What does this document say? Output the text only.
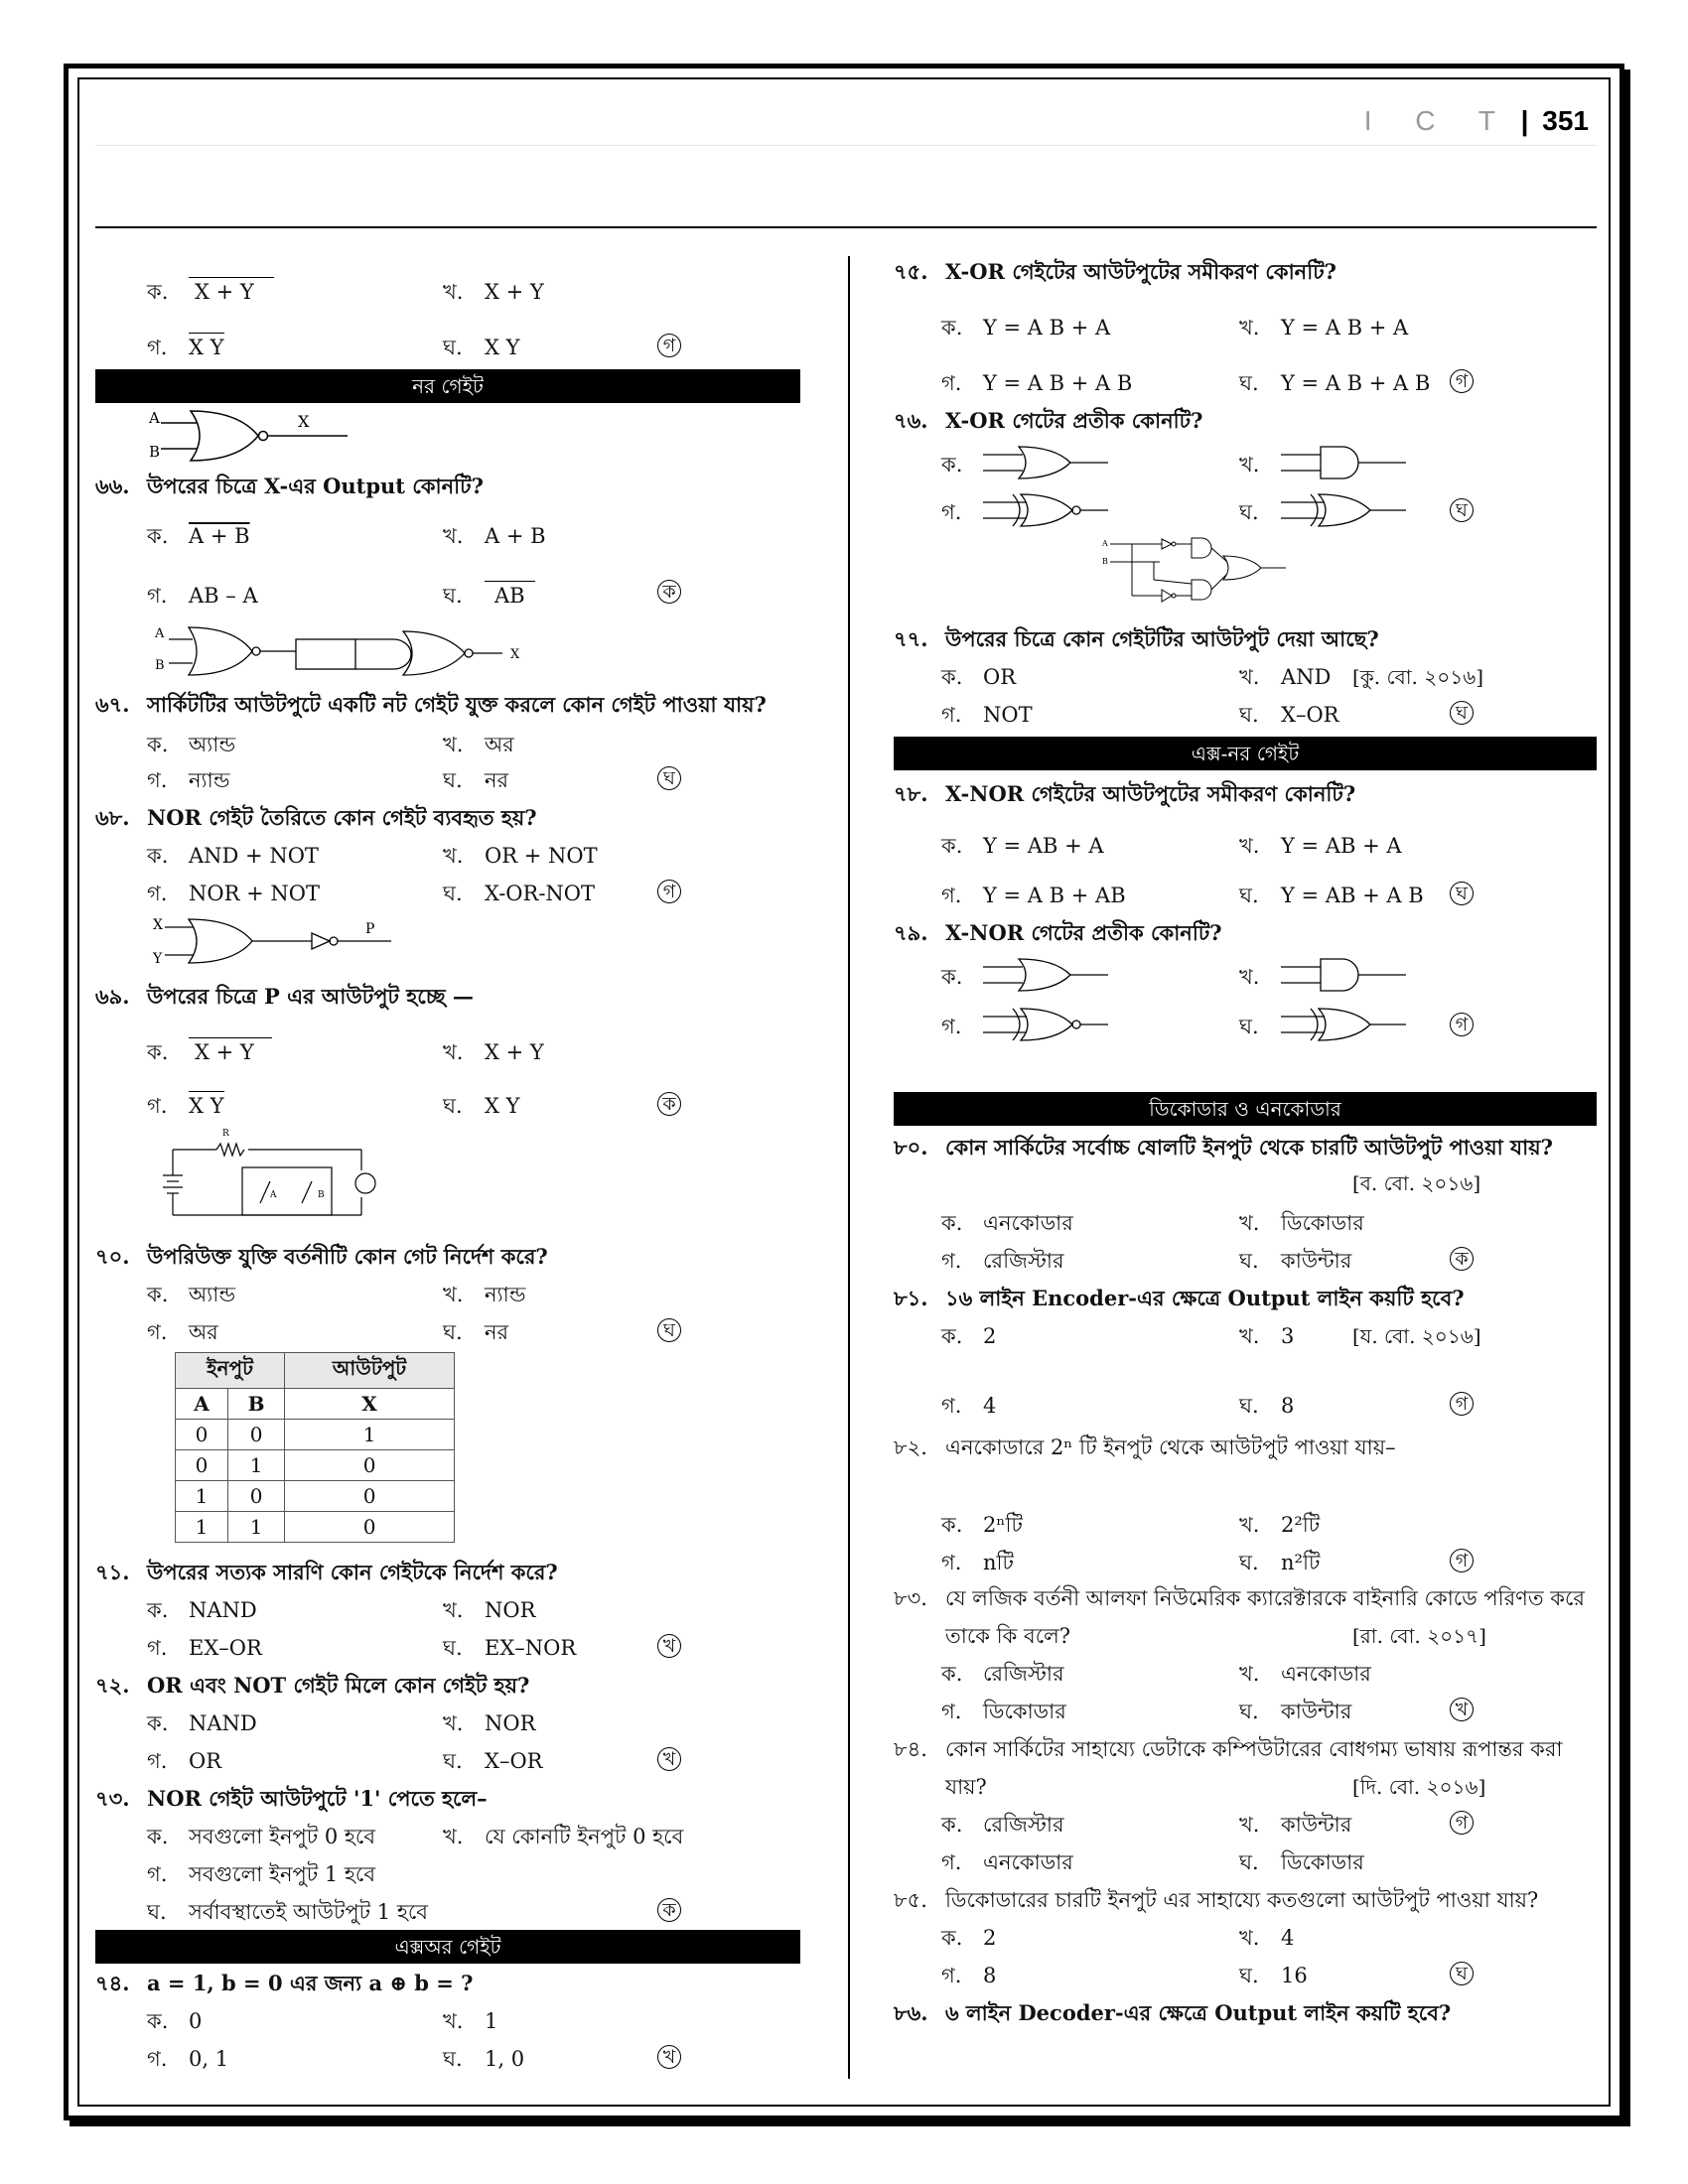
I C T | 351
ক. X + Y	খ. X + Y
গ. X Y	ঘ. X Y	গ
নর গেইট
A
B
X
৬৬. উপরের চিত্রে X-এর Output কোনটি?
ক. A + B	খ. A + B
গ. AB – A	ঘ. AB	ক
A
B
X
৬৭. সার্কিটটির আউটপুটে একটি নট গেইট যুক্ত করলে কোন গেইট পাওয়া যায়?
ক. অ্যান্ড	খ. অর
গ. ন্যান্ড	ঘ. নর	ঘ
৬৮. NOR গেইট তৈরিতে কোন গেইট ব্যবহৃত হয়?
ক. AND + NOT	খ. OR + NOT
গ. NOR + NOT	ঘ. X-OR-NOT	গ
X
Y
P
৬৯. উপরের চিত্রে P এর আউটপুট হচ্ছে —
ক. X + Y	খ. X + Y
গ. X Y	ঘ. X Y	ক
R
A	B
৭০. উপরিউক্ত যুক্তি বর্তনীটি কোন গেট নির্দেশ করে?
ক. অ্যান্ড	খ. ন্যান্ড
গ. অর	ঘ. নর	ঘ
ইনপুট		আউটপুট
A	B	X
0	0	1
0	1	0
1	0	0
1	1	0
৭১. উপরের সত্যক সারণি কোন গেইটকে নির্দেশ করে?
ক. NAND	খ. NOR
গ. EX–OR	ঘ. EX–NOR	খ
৭২. OR এবং NOT গেইট মিলে কোন গেইট হয়?
ক. NAND	খ. NOR
গ. OR	ঘ. X–OR	খ
৭৩. NOR গেইট আউটপুটে '1' পেতে হলে–
ক. সবগুলো ইনপুট 0 হবে	খ. যে কোনটি ইনপুট 0 হবে
গ. সবগুলো ইনপুট 1 হবে
ঘ. সর্বাবস্থাতেই আউটপুট 1 হবে	ক
এক্সঅর গেইট
৭৪. a = 1, b = 0 এর জন্য a ⊕ b = ?
ক. 0	খ. 1
গ. 0, 1	ঘ. 1, 0	খ
৭৫. X-OR গেইটের আউটপুটের সমীকরণ কোনটি?
ক. Y = A B + A	খ. Y = A B + A
গ. Y = A B + A B	ঘ. Y = A B + A B	গ
৭৬. X-OR গেটের প্রতীক কোনটি?
ক.	খ.
গ.	ঘ.	ঘ
A
B
৭৭. উপরের চিত্রে কোন গেইটটির আউটপুট দেয়া আছে?
ক. OR	খ. AND [কু. বো. ২০১৬]
গ. NOT	ঘ. X–OR	ঘ
এক্স-নর গেইট
৭৮. X-NOR গেইটের আউটপুটের সমীকরণ কোনটি?
ক. Y = AB + A	খ. Y = AB + A
গ. Y = A B + AB	ঘ. Y = AB + A B	ঘ
৭৯. X-NOR গেটের প্রতীক কোনটি?
ক.	খ.
গ.	ঘ.	গ
ডিকোডার ও এনকোডার
৮০. কোন সার্কিটের সর্বোচ্চ ষোলটি ইনপুট থেকে চারটি আউটপুট পাওয়া যায়?
[ব. বো. ২০১৬]
ক. এনকোডার	খ. ডিকোডার
গ. রেজিস্টার	ঘ. কাউন্টার	ক
৮১. ১৬ লাইন Encoder-এর ক্ষেত্রে Output লাইন কয়টি হবে?
ক. 2	খ. 3	[য. বো. ২০১৬]
গ. 4	ঘ. 8	গ
৮২. এনকোডারে 2ⁿ টি ইনপুট থেকে আউটপুট পাওয়া যায়–
ক. 2ⁿটি	খ. 2²টি
গ. nটি	ঘ. n²টি	গ
৮৩. যে লজিক বর্তনী আলফা নিউমেরিক ক্যারেক্টারকে বাইনারি কোডে পরিণত করে
তাকে কি বলে?	[রা. বো. ২০১৭]
ক. রেজিস্টার	খ. এনকোডার
গ. ডিকোডার	ঘ. কাউন্টার	খ
৮৪. কোন সার্কিটের সাহায্যে ডেটাকে কম্পিউটারের বোধগম্য ভাষায় রূপান্তর করা
যায়?	[দি. বো. ২০১৬]
ক. রেজিস্টার	খ. কাউন্টার	গ
গ. এনকোডার	ঘ. ডিকোডার
৮৫. ডিকোডারের চারটি ইনপুট এর সাহায্যে কতগুলো আউটপুট পাওয়া যায়?
ক. 2	খ. 4
গ. 8	ঘ. 16	ঘ
৮৬. ৬ লাইন Decoder-এর ক্ষেত্রে Output লাইন কয়টি হবে?
